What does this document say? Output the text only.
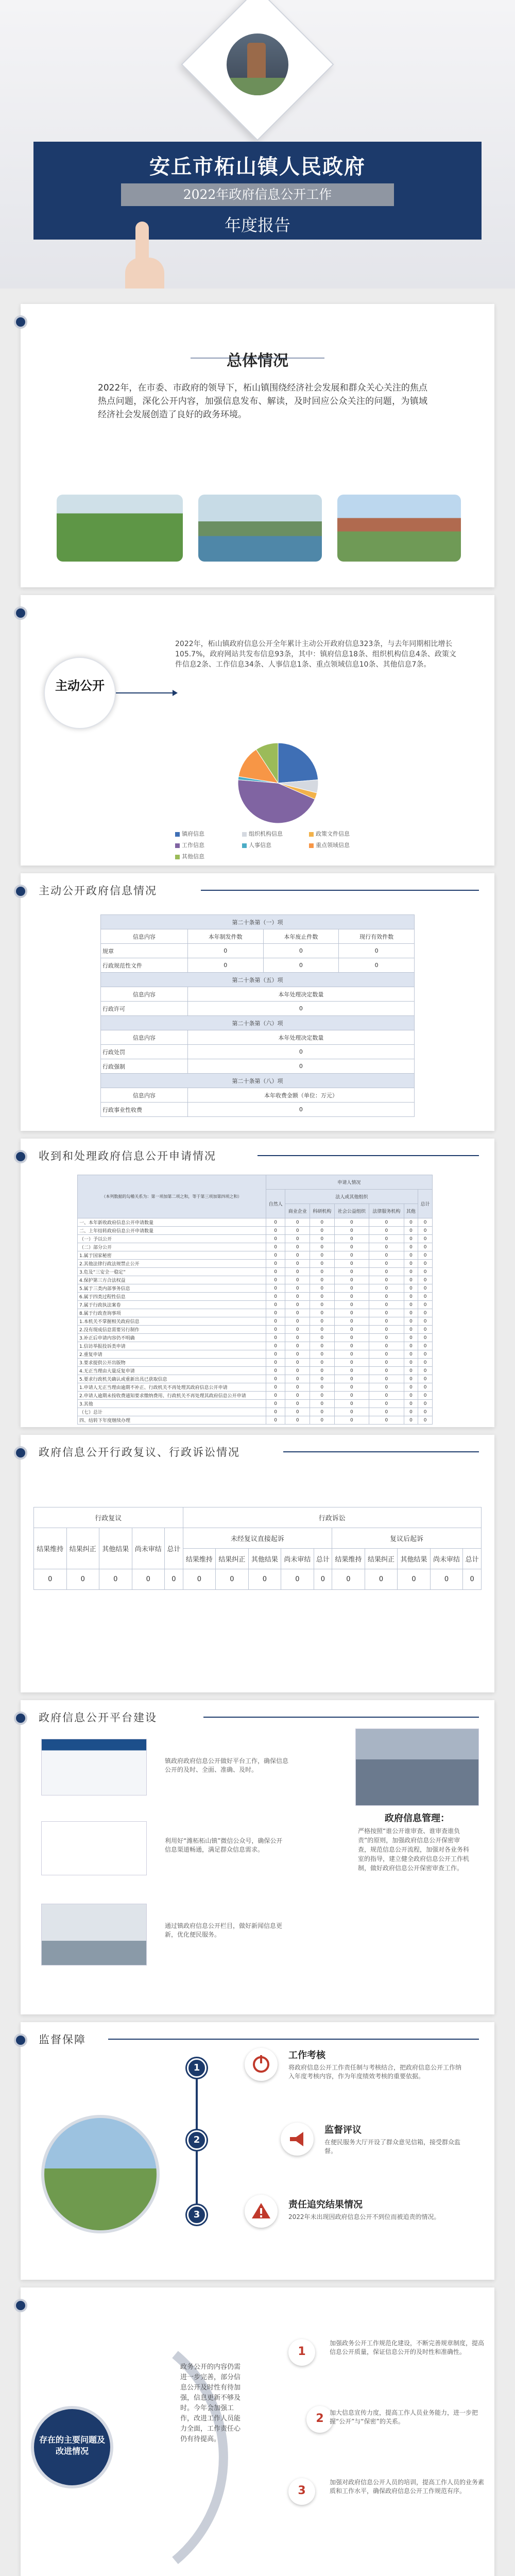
安丘市柘山镇人民政府
2022年政府信息公开工作
年度报告
总体情况
2022年，在市委、市政府的领导下，柘山镇围绕经济社会发展和群众关心关注的焦点热点问题，深化公开内容，加强信息发布、解读，及时回应公众关注的问题，为镇域经济社会发展创造了良好的政务环境。
主动公开
2022年，柘山镇政府信息公开全年累计主动公开政府信息323条，与去年同期相比增长105.7%，政府网站共发布信息93条，其中：镇府信息18条、组织机构信息4条、政策文件信息2条、工作信息34条、人事信息1条、重点领域信息10条、其他信息7条。
镇府信息	组织机构信息	政策文件信息工作信息	人事信息	重点领域信息其他信息
主动公开政府信息情况
第二十条第（一）项			
信息内容	本年制发件数	本年废止件数	现行有效件数
规章	0	0	0
行政规范性文件	0	0	0
第二十条第（五）项			
信息内容	本年处理决定数量		
行政许可	0		
第二十条第（六）项			
信息内容	本年处理决定数量		
行政处罚	0		
行政强制	0		
第二十条第（八）项			
信息内容	本年收费金额（单位：万元）		
行政事业性收费	0		
收到和处理政府信息公开申请情况
（本列数据的勾稽关系为：第一项加第二项之和，等于第三项加第四项之和）	申请人情况						
	自然人	法人或其他组织					总计
		商业企业	科研机构	社会公益组织	法律服务机构	其他	
一、本年新收政府信息公开申请数量	0	0	0	0	0	0	0
二、上年结转政府信息公开申请数量	0	0	0	0	0	0	0
（一）予以公开	0	0	0	0	0	0	0
（二）部分公开	0	0	0	0	0	0	0
1.属于国家秘密	0	0	0	0	0	0	0
2.其他法律行政法规禁止公开	0	0	0	0	0	0	0
3.危及“三安全一稳定”	0	0	0	0	0	0	0
4.保护第三方合法权益	0	0	0	0	0	0	0
5.属于三类内部事务信息	0	0	0	0	0	0	0
6.属于四类过程性信息	0	0	0	0	0	0	0
7.属于行政执法案卷	0	0	0	0	0	0	0
8.属于行政查询事项	0	0	0	0	0	0	0
1.本机关不掌握相关政府信息	0	0	0	0	0	0	0
2.没有现成信息需要另行制作	0	0	0	0	0	0	0
3.补正后申请内容仍不明确	0	0	0	0	0	0	0
1.信访举报投诉类申请	0	0	0	0	0	0	0
2.重复申请	0	0	0	0	0	0	0
3.要求提供公开出版物	0	0	0	0	0	0	0
4.无正当理由大量反复申请	0	0	0	0	0	0	0
5.要求行政机关确认或重新出具已获取信息	0	0	0	0	0	0	0
1.申请人无正当理由逾期不补正、行政机关不再处理其政府信息公开申请	0	0	0	0	0	0	0
2.申请人逾期未按收费通知要求缴纳费用、行政机关不再处理其政府信息公开申请	0	0	0	0	0	0	0
3.其他	0	0	0	0	0	0	0
（七）总计	0	0	0	0	0	0	0
四、结转下年度继续办理	0	0	0	0	0	0	0
政府信息公开行政复议、行政诉讼情况
行政复议					行政诉讼									
结果维持	结果纠正	其他结果	尚未审结	总计	未经复议直接起诉					复议后起诉				
					结果维持	结果纠正	其他结果	尚未审结	总计	结果维持	结果纠正	其他结果	尚未审结	总计
0	0	0	0	0	0	0	0	0	0	0	0	0	0	0
政府信息公开平台建设
镇政府政府信息公开做好平台工作，确保信息公开的及时、全面、准确、及时。
利用好“潍柘柘山镇”微信公众号，确保公开信息渠道畅通，满足群众信息需求。
通过镇政府信息公开栏目，做好新闻信息更新，优化便民服务。
政府信息管理：
严格按照“谁公开谁审查、谁审查谁负责”的原则，加强政府信息公开保密审查，规范信息公开流程，加强对各业务科室的指导，建立健全政府信息公开工作机制，做好政府信息公开保密审查工作。
监督保障
1
2
3
工作考核
将政府信息公开工作责任制与考核结合，把政府信息公开工作纳入年度考核内容，作为年度绩效考核的重要依据。
监督评议
在便民服务大厅开设了群众意见信箱，接受群众监督。
责任追究结果情况
2022年未出现因政府信息公开不到位而被追责的情况。
存在的主要问题及改进情况
政务公开的内容仍需进一步完善，部分信息公开及时性有待加强，信息更新不够及时。今年会加强工作，改进工作人员能力全面，工作责任心仍有待提高。
1
加强政务公开工作规范化建设，不断完善规章制度，提高信息公开质量，保证信息公开的及时性和准确性。
2 加大信息宣传力度，提高工作人员业务能力，进一步把握“公开”与“保密”的关系。
3
加强对政府信息公开人员的培训，提高工作人员的业务素质和工作水平，确保政府信息公开工作规范有序。
